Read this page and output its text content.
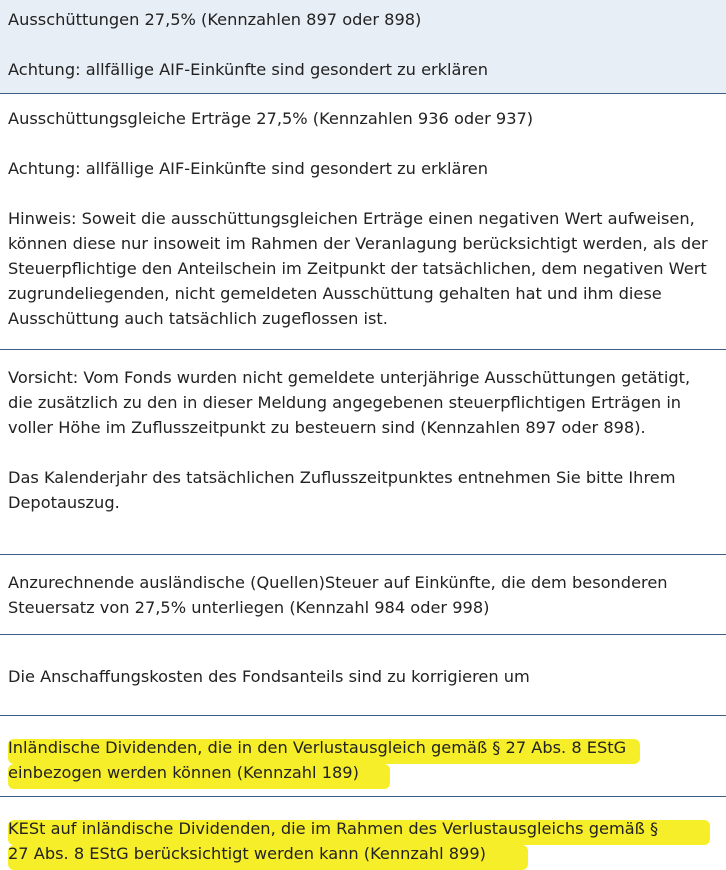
Ausschüttungen 27,5% (Kennzahlen 897 oder 898)

Achtung: allfällige AIF-Einkünfte sind gesondert zu erklären

Ausschüttungsgleiche Erträge 27,5% (Kennzahlen 936 oder 937)

Achtung: allfällige AIF-Einkünfte sind gesondert zu erklären

Hinweis: Soweit die ausschüttungsgleichen Erträge einen negativen Wert aufweisen, können diese nur insoweit im Rahmen der Veranlagung berücksichtigt werden, als der Steuerpflichtige den Anteilschein im Zeitpunkt der tatsächlichen, dem negativen Wert zugrundeliegenden, nicht gemeldeten Ausschüttung gehalten hat und ihm diese Ausschüttung auch tatsächlich zugeflossen ist.

Vorsicht: Vom Fonds wurden nicht gemeldete unterjährige Ausschüttungen getätigt, die zusätzlich zu den in dieser Meldung angegebenen steuerpflichtigen Erträgen in voller Höhe im Zuflusszeitpunkt zu besteuern sind (Kennzahlen 897 oder 898).

Das Kalenderjahr des tatsächlichen Zuflusszeitpunktes entnehmen Sie bitte Ihrem Depotauszug.

Anzurechnende ausländische (Quellen)Steuer auf Einkünfte, die dem besonderen Steuersatz von 27,5% unterliegen (Kennzahl 984 oder 998)

Die Anschaffungskosten des Fondsanteils sind zu korrigieren um

Inländische Dividenden, die in den Verlustausgleich gemäß § 27 Abs. 8 EStG

einbezogen werden können (Kennzahl 189)
KESt auf inländische Dividenden, die im Rahmen des Verlustausgleichs gemäß §

27 Abs. 8 EStG berücksichtigt werden kann (Kennzahl 899)
